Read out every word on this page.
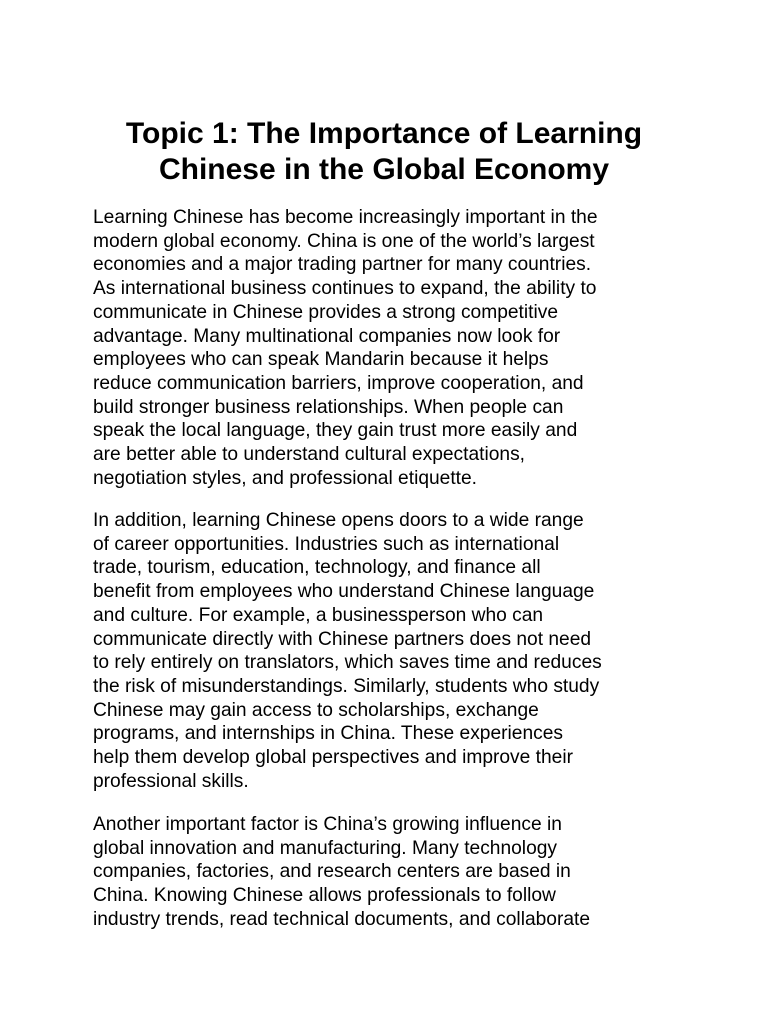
Topic 1: The Importance of Learning
Chinese in the Global Economy

Learning Chinese has become increasingly important in the
modern global economy. China is one of the world’s largest
economies and a major trading partner for many countries.
As international business continues to expand, the ability to
communicate in Chinese provides a strong competitive
advantage. Many multinational companies now look for
employees who can speak Mandarin because it helps
reduce communication barriers, improve cooperation, and
build stronger business relationships. When people can
speak the local language, they gain trust more easily and
are better able to understand cultural expectations,
negotiation styles, and professional etiquette.

In addition, learning Chinese opens doors to a wide range
of career opportunities. Industries such as international
trade, tourism, education, technology, and finance all
benefit from employees who understand Chinese language
and culture. For example, a businessperson who can
communicate directly with Chinese partners does not need
to rely entirely on translators, which saves time and reduces
the risk of misunderstandings. Similarly, students who study
Chinese may gain access to scholarships, exchange
programs, and internships in China. These experiences
help them develop global perspectives and improve their
professional skills.

Another important factor is China’s growing influence in
global innovation and manufacturing. Many technology
companies, factories, and research centers are based in
China. Knowing Chinese allows professionals to follow
industry trends, read technical documents, and collaborate
